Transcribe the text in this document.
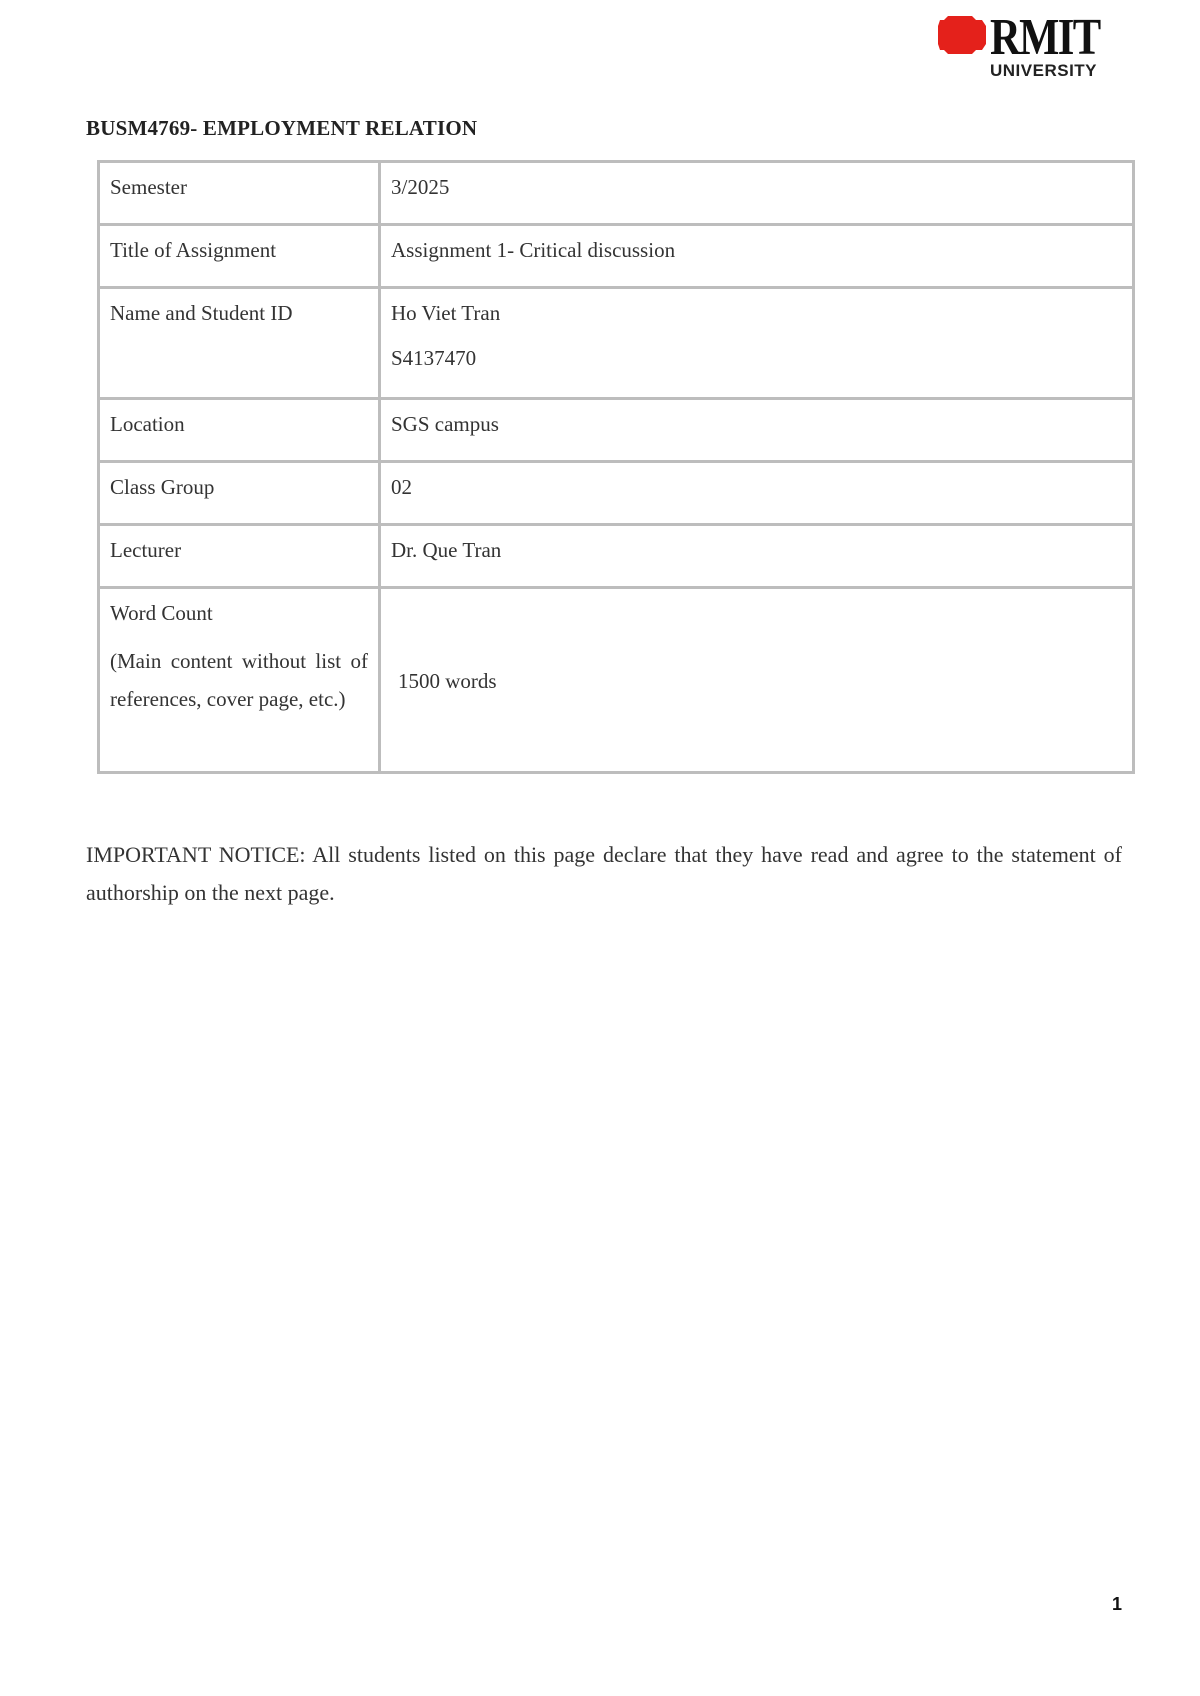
RMIT
UNIVERSITY
BUSM4769- EMPLOYMENT RELATION
Semester	3/2025
Title of Assignment	Assignment 1- Critical discussion
Name and Student ID	Ho Viet Tran

S4137470

Location	SGS campus
Class Group	02
Lecturer	Dr. Que Tran

Word Count

(Main content without list of references, cover page, etc.)	1500 words
IMPORTANT NOTICE: All students listed on this page declare that they have read and agree to the statement of authorship on the next page.
1
